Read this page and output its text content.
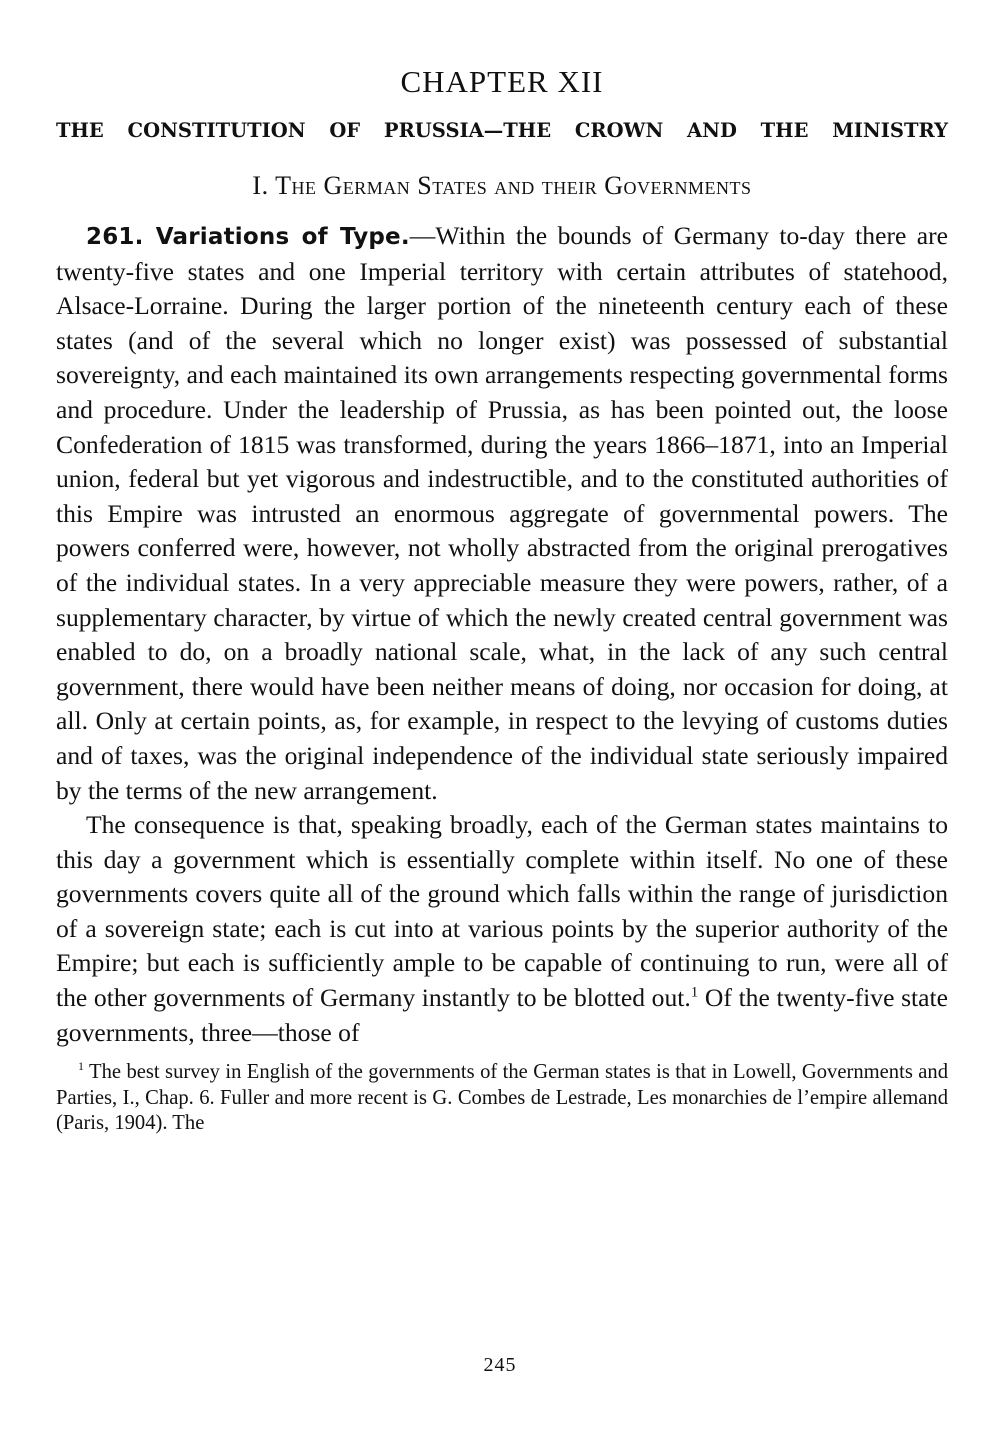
CHAPTER XII
THE CONSTITUTION OF PRUSSIA—THE CROWN AND THE MINISTRY
I. The German States and their Governments

261. Variations of Type.—Within the bounds of Germany to-day there are twenty-five states and one Imperial territory with certain attributes of statehood, Alsace-Lorraine. During the larger portion of the nineteenth century each of these states (and of the several which no longer exist) was possessed of substantial sovereignty, and each maintained its own arrangements respecting governmental forms and procedure. Under the leadership of Prussia, as has been pointed out, the loose Confederation of 1815 was transformed, during the years 1866–1871, into an Imperial union, federal but yet vigorous and indestructible, and to the constituted authorities of this Empire was intrusted an enormous aggregate of governmental powers. The powers conferred were, however, not wholly abstracted from the original prerogatives of the individual states. In a very appreciable measure they were powers, rather, of a supplementary character, by virtue of which the newly created central government was enabled to do, on a broadly national scale, what, in the lack of any such central government, there would have been neither means of doing, nor occasion for doing, at all. Only at certain points, as, for example, in respect to the levying of customs duties and of taxes, was the original independence of the individual state seriously impaired by the terms of the new arrangement.

The consequence is that, speaking broadly, each of the German states maintains to this day a government which is essentially complete within itself. No one of these governments covers quite all of the ground which falls within the range of jurisdiction of a sovereign state; each is cut into at various points by the superior authority of the Empire; but each is sufficiently ample to be capable of continuing to run, were all of the other governments of Germany instantly to be blotted out.$^1$ Of the twenty-five state governments, three—those of

$^1$ The best survey in English of the governments of the German states is that in Lowell, Governments and Parties, I., Chap. 6. Fuller and more recent is G. Combes de Lestrade, Les monarchies de l’empire allemand (Paris, 1904). The

245
